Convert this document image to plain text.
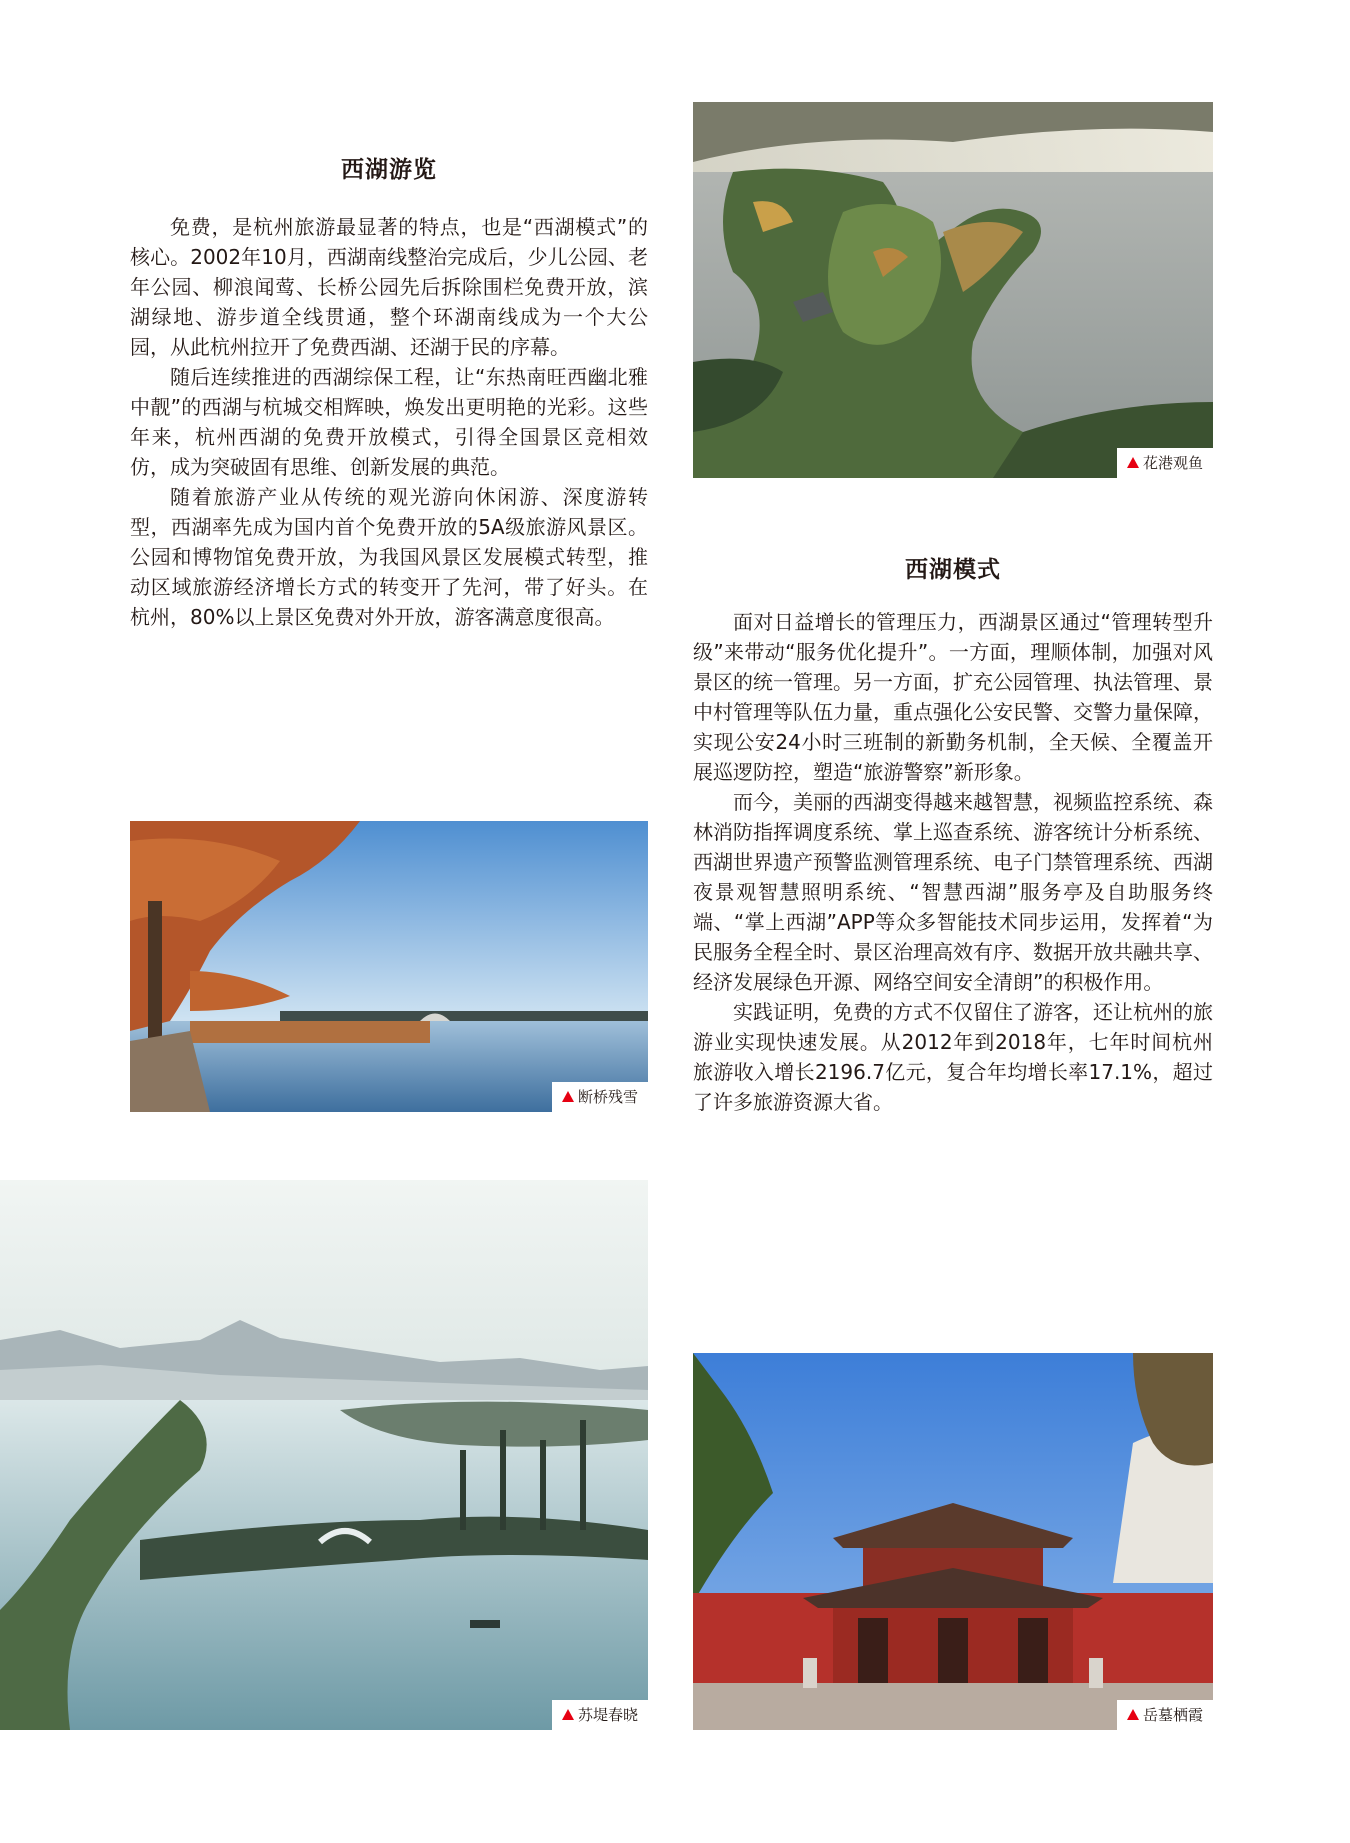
花港观鱼
西湖游览

免费，是杭州旅游最显著的特点，也是“西湖模式”的核心。2002年10月，西湖南线整治完成后，少儿公园、老年公园、柳浪闻莺、长桥公园先后拆除围栏免费开放，滨湖绿地、游步道全线贯通，整个环湖南线成为一个大公园，从此杭州拉开了免费西湖、还湖于民的序幕。

随后连续推进的西湖综保工程，让“东热南旺西幽北雅中靓”的西湖与杭城交相辉映，焕发出更明艳的光彩。这些年来，杭州西湖的免费开放模式，引得全国景区竞相效仿，成为突破固有思维、创新发展的典范。

随着旅游产业从传统的观光游向休闲游、深度游转型，西湖率先成为国内首个免费开放的5A级旅游风景区。公园和博物馆免费开放，为我国风景区发展模式转型，推动区域旅游经济增长方式的转变开了先河，带了好头。在杭州，80%以上景区免费对外开放，游客满意度很高。

西湖模式

面对日益增长的管理压力，西湖景区通过“管理转型升级”来带动“服务优化提升”。一方面，理顺体制，加强对风景区的统一管理。另一方面，扩充公园管理、执法管理、景中村管理等队伍力量，重点强化公安民警、交警力量保障，实现公安24小时三班制的新勤务机制，全天候、全覆盖开展巡逻防控，塑造“旅游警察”新形象。

而今，美丽的西湖变得越来越智慧，视频监控系统、森林消防指挥调度系统、掌上巡查系统、游客统计分析系统、西湖世界遗产预警监测管理系统、电子门禁管理系统、西湖夜景观智慧照明系统、“智慧西湖”服务亭及自助服务终端、“掌上西湖”APP等众多智能技术同步运用，发挥着“为民服务全程全时、景区治理高效有序、数据开放共融共享、经济发展绿色开源、网络空间安全清朗”的积极作用。

实践证明，免费的方式不仅留住了游客，还让杭州的旅游业实现快速发展。从2012年到2018年，七年时间杭州旅游收入增长2196.7亿元，复合年均增长率17.1%，超过了许多旅游资源大省。

断桥残雪
苏堤春晓	岳墓栖霞
